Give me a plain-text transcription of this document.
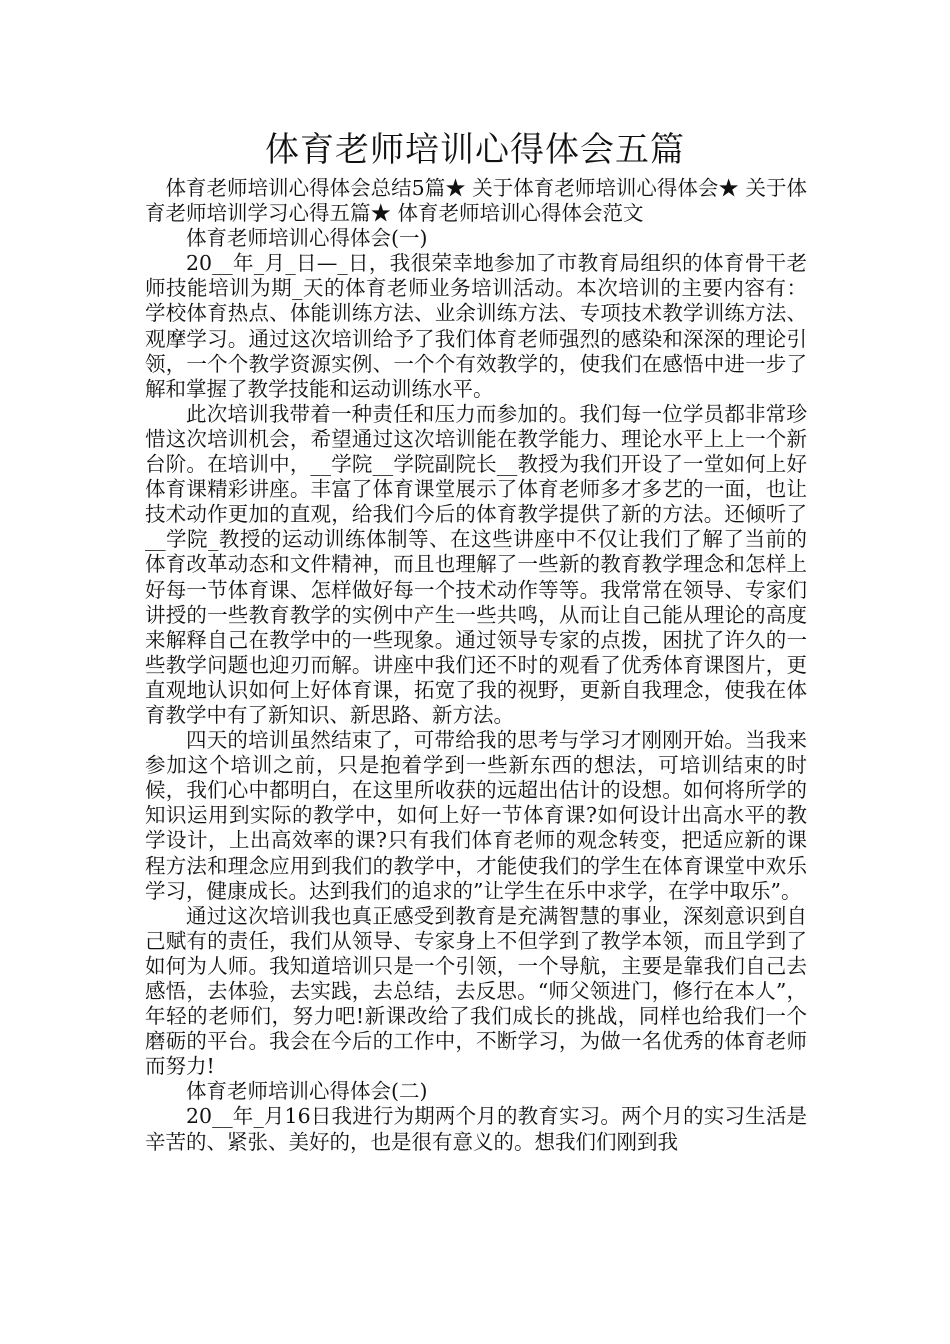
体育老师培训心得体会五篇

体育老师培训心得体会总结5篇★ 关于体育老师培训心得体会★ 关于体育老师培训学习心得五篇★ 体育老师培训心得体会范文

体育老师培训心得体会(一)

20__年_月_日—_日，我很荣幸地参加了市教育局组织的体育骨干老师技能培训为期_天的体育老师业务培训活动。本次培训的主要内容有：学校体育热点、体能训练方法、业余训练方法、专项技术教学训练方法、观摩学习。通过这次培训给予了我们体育老师强烈的感染和深深的理论引领，一个个教学资源实例、一个个有效教学的，使我们在感悟中进一步了解和掌握了教学技能和运动训练水平。

此次培训我带着一种责任和压力而参加的。我们每一位学员都非常珍惜这次培训机会，希望通过这次培训能在教学能力、理论水平上上一个新台阶。在培训中，__学院__学院副院长__教授为我们开设了一堂如何上好体育课精彩讲座。丰富了体育课堂展示了体育老师多才多艺的一面，也让技术动作更加的直观，给我们今后的体育教学提供了新的方法。还倾听了__学院_教授的运动训练体制等、在这些讲座中不仅让我们了解了当前的体育改革动态和文件精神，而且也理解了一些新的教育教学理念和怎样上好每一节体育课、怎样做好每一个技术动作等等。我常常在领导、专家们讲授的一些教育教学的实例中产生一些共鸣，从而让自己能从理论的高度来解释自己在教学中的一些现象。通过领导专家的点拨，困扰了许久的一些教学问题也迎刃而解。讲座中我们还不时的观看了优秀体育课图片，更直观地认识如何上好体育课，拓宽了我的视野，更新自我理念，使我在体育教学中有了新知识、新思路、新方法。

四天的培训虽然结束了，可带给我的思考与学习才刚刚开始。当我来参加这个培训之前，只是抱着学到一些新东西的想法，可培训结束的时候，我们心中都明白，在这里所收获的远超出估计的设想。如何将所学的知识运用到实际的教学中，如何上好一节体育课?如何设计出高水平的教学设计，上出高效率的课?只有我们体育老师的观念转变，把适应新的课程方法和理念应用到我们的教学中，才能使我们的学生在体育课堂中欢乐学习，健康成长。达到我们的追求的”让学生在乐中求学，在学中取乐”。

通过这次培训我也真正感受到教育是充满智慧的事业，深刻意识到自己赋有的责任，我们从领导、专家身上不但学到了教学本领，而且学到了如何为人师。我知道培训只是一个引领，一个导航，主要是靠我们自己去感悟，去体验，去实践，去总结，去反思。“师父领进门，修行在本人”，年轻的老师们，努力吧!新课改给了我们成长的挑战，同样也给我们一个磨砺的平台。我会在今后的工作中，不断学习，为做一名优秀的体育老师而努力!

体育老师培训心得体会(二)

20__年_月16日我进行为期两个月的教育实习。两个月的实习生活是辛苦的、紧张、美好的，也是很有意义的。想我们们刚到我
